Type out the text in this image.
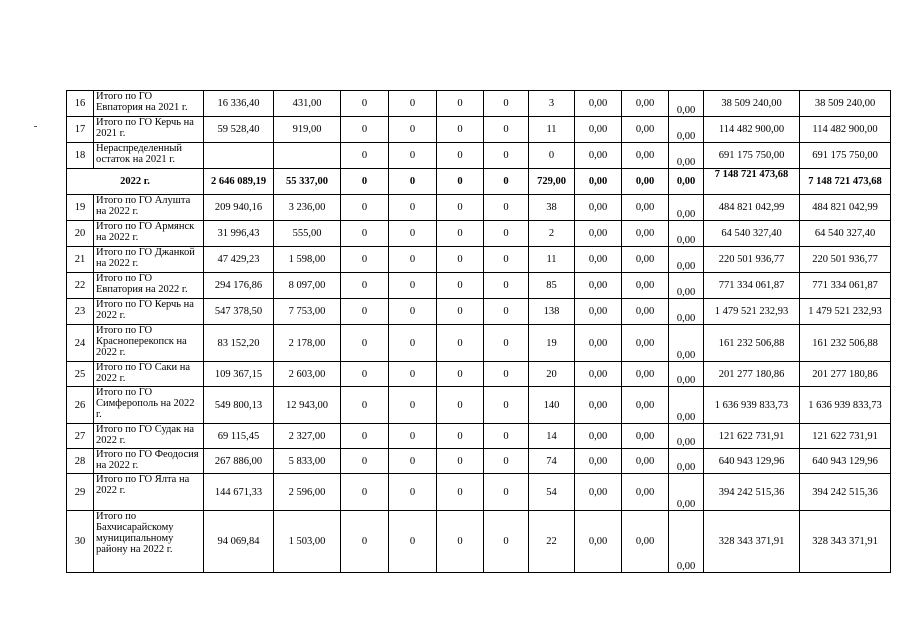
16	Итого по ГО Евпатория на 2021 г.	16 336,40	431,00	0	0	0	0	3	0,00	0,00	0,00	38 509 240,00	38 509 240,00
17	Итого по ГО Керчь на 2021 г.	59 528,40	919,00	0	0	0	0	11	0,00	0,00	0,00	114 482 900,00	114 482 900,00
18	Нераспределенный остаток на 2021 г.			0	0	0	0	0	0,00	0,00	0,00	691 175 750,00	691 175 750,00
2022 г.		2 646 089,19	55 337,00	0	0	0	0	729,00	0,00	0,00	0,00	7 148 721 473,68	7 148 721 473,68
19	Итого по ГО Алушта на 2022 г.	209 940,16	3 236,00	0	0	0	0	38	0,00	0,00	0,00	484 821 042,99	484 821 042,99
20	Итого по ГО Армянск на 2022 г.	31 996,43	555,00	0	0	0	0	2	0,00	0,00	0,00	64 540 327,40	64 540 327,40
21	Итого по ГО Джанкой на 2022 г.	47 429,23	1 598,00	0	0	0	0	11	0,00	0,00	0,00	220 501 936,77	220 501 936,77
22	Итого по ГО Евпатория на 2022 г.	294 176,86	8 097,00	0	0	0	0	85	0,00	0,00	0,00	771 334 061,87	771 334 061,87
23	Итого по ГО Керчь на 2022 г.	547 378,50	7 753,00	0	0	0	0	138	0,00	0,00	0,00	1 479 521 232,93	1 479 521 232,93
24	Итого по ГО Красноперекопск на 2022 г.	83 152,20	2 178,00	0	0	0	0	19	0,00	0,00	0,00	161 232 506,88	161 232 506,88
25	Итого по ГО Саки на 2022 г.	109 367,15	2 603,00	0	0	0	0	20	0,00	0,00	0,00	201 277 180,86	201 277 180,86
26	Итого по ГО Симферополь на 2022 г.	549 800,13	12 943,00	0	0	0	0	140	0,00	0,00	0,00	1 636 939 833,73	1 636 939 833,73
27	Итого по ГО Судак на 2022 г.	69 115,45	2 327,00	0	0	0	0	14	0,00	0,00	0,00	121 622 731,91	121 622 731,91
28	Итого по ГО Феодосия на 2022 г.	267 886,00	5 833,00	0	0	0	0	74	0,00	0,00	0,00	640 943 129,96	640 943 129,96
29	Итого по ГО Ялта на 2022 г.	144 671,33	2 596,00	0	0	0	0	54	0,00	0,00	0,00	394 242 515,36	394 242 515,36
30	Итого по Бахчисарайскому муниципальному району на 2022 г.	94 069,84	1 503,00	0	0	0	0	22	0,00	0,00	0,00	328 343 371,91	328 343 371,91
